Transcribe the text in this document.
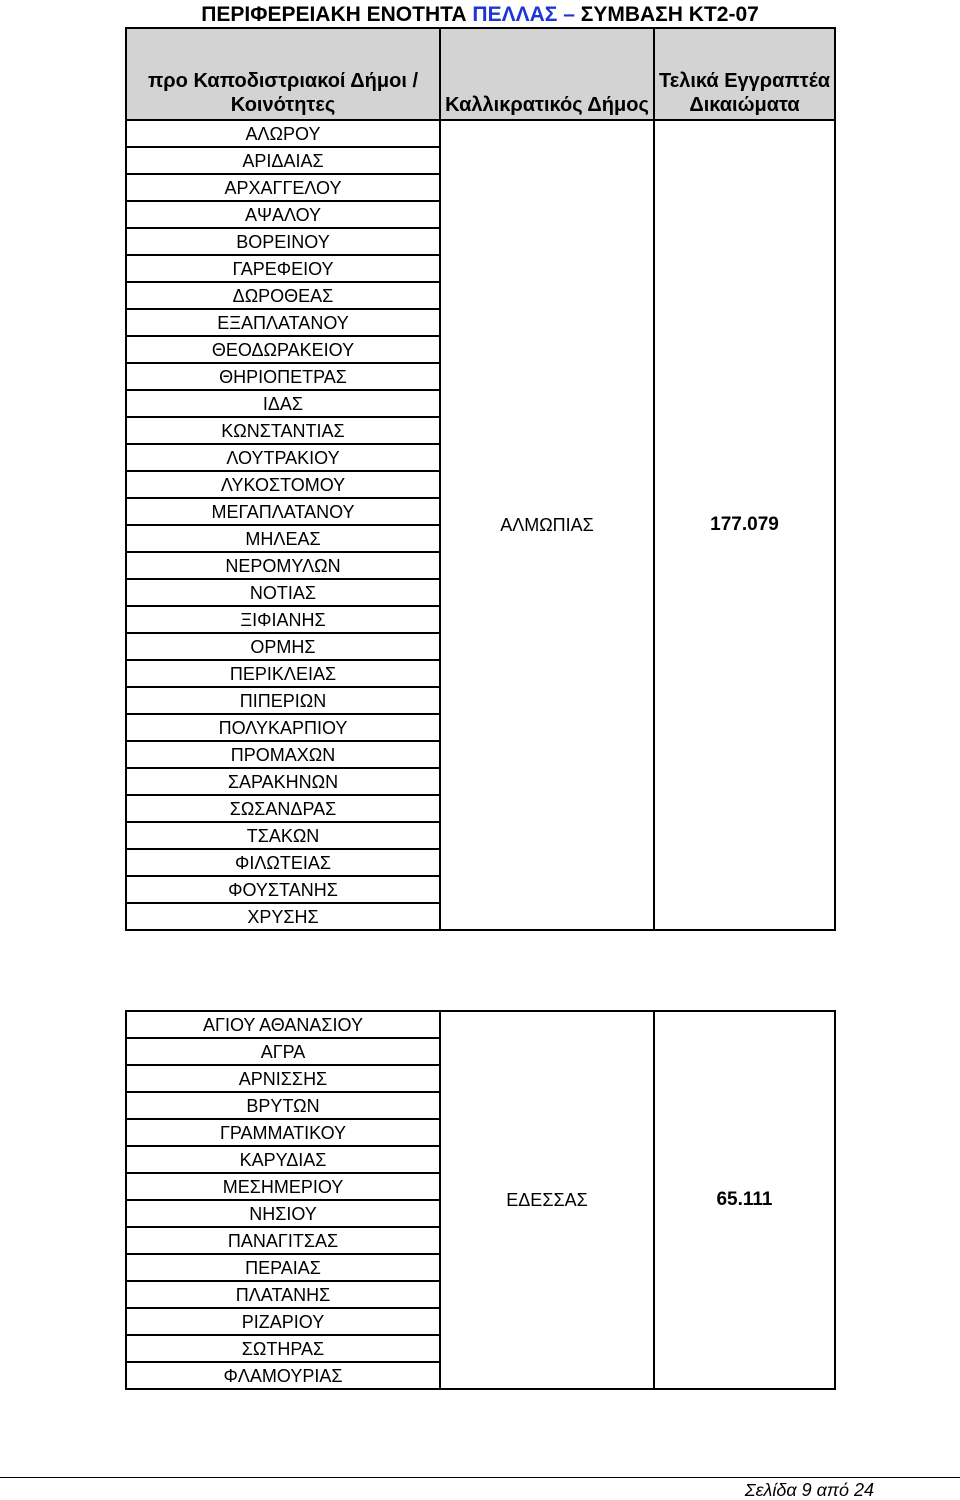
ΠΕΡΙΦΕΡΕΙΑΚΗ ΕΝΟΤΗΤΑ ΠΕΛΛΑΣ – ΣΥΜΒΑΣΗ ΚΤ2-07
προ Καποδιστριακοί Δήμοι / Κοινότητες	Καλλικρατικός Δήμος	Τελικά Εγγραπτέα Δικαιώματα
ΑΛΩΡΟΥ	ΑΛΜΩΠΙΑΣ	177.079
ΑΡΙΔΑΙΑΣ		
ΑΡΧΑΓΓΕΛΟΥ		
ΑΨΑΛΟΥ		
ΒΟΡΕΙΝΟΥ		
ΓΑΡΕΦΕΙΟΥ		
ΔΩΡΟΘΕΑΣ		
ΕΞΑΠΛΑΤΑΝΟΥ		
ΘΕΟΔΩΡΑΚΕΙΟΥ		
ΘΗΡΙΟΠΕΤΡΑΣ		
ΙΔΑΣ		
ΚΩΝΣΤΑΝΤΙΑΣ		
ΛΟΥΤΡΑΚΙΟΥ		
ΛΥΚΟΣΤΟΜΟΥ		
ΜΕΓΑΠΛΑΤΑΝΟΥ		
ΜΗΛΕΑΣ		
ΝΕΡΟΜΥΛΩΝ		
ΝΟΤΙΑΣ		
ΞΙΦΙΑΝΗΣ		
ΟΡΜΗΣ		
ΠΕΡΙΚΛΕΙΑΣ		
ΠΙΠΕΡΙΩΝ		
ΠΟΛΥΚΑΡΠΙΟΥ		
ΠΡΟΜΑΧΩΝ		
ΣΑΡΑΚΗΝΩΝ		
ΣΩΣΑΝΔΡΑΣ		
ΤΣΑΚΩΝ		
ΦΙΛΩΤΕΙΑΣ		
ΦΟΥΣΤΑΝΗΣ		
ΧΡΥΣΗΣ		
ΑΓΙΟΥ ΑΘΑΝΑΣΙΟΥ	ΕΔΕΣΣΑΣ	65.111
ΑΓΡΑ
ΑΡΝΙΣΣΗΣ
ΒΡΥΤΩΝ
ΓΡΑΜΜΑΤΙΚΟΥ
ΚΑΡΥΔΙΑΣ
ΜΕΣΗΜΕΡΙΟΥ
ΝΗΣΙΟΥ
ΠΑΝΑΓΙΤΣΑΣ
ΠΕΡΑΙΑΣ
ΠΛΑΤΑΝΗΣ
ΡΙΖΑΡΙΟΥ
ΣΩΤΗΡΑΣ
ΦΛΑΜΟΥΡΙΑΣ
Σελίδα 9 από 24
